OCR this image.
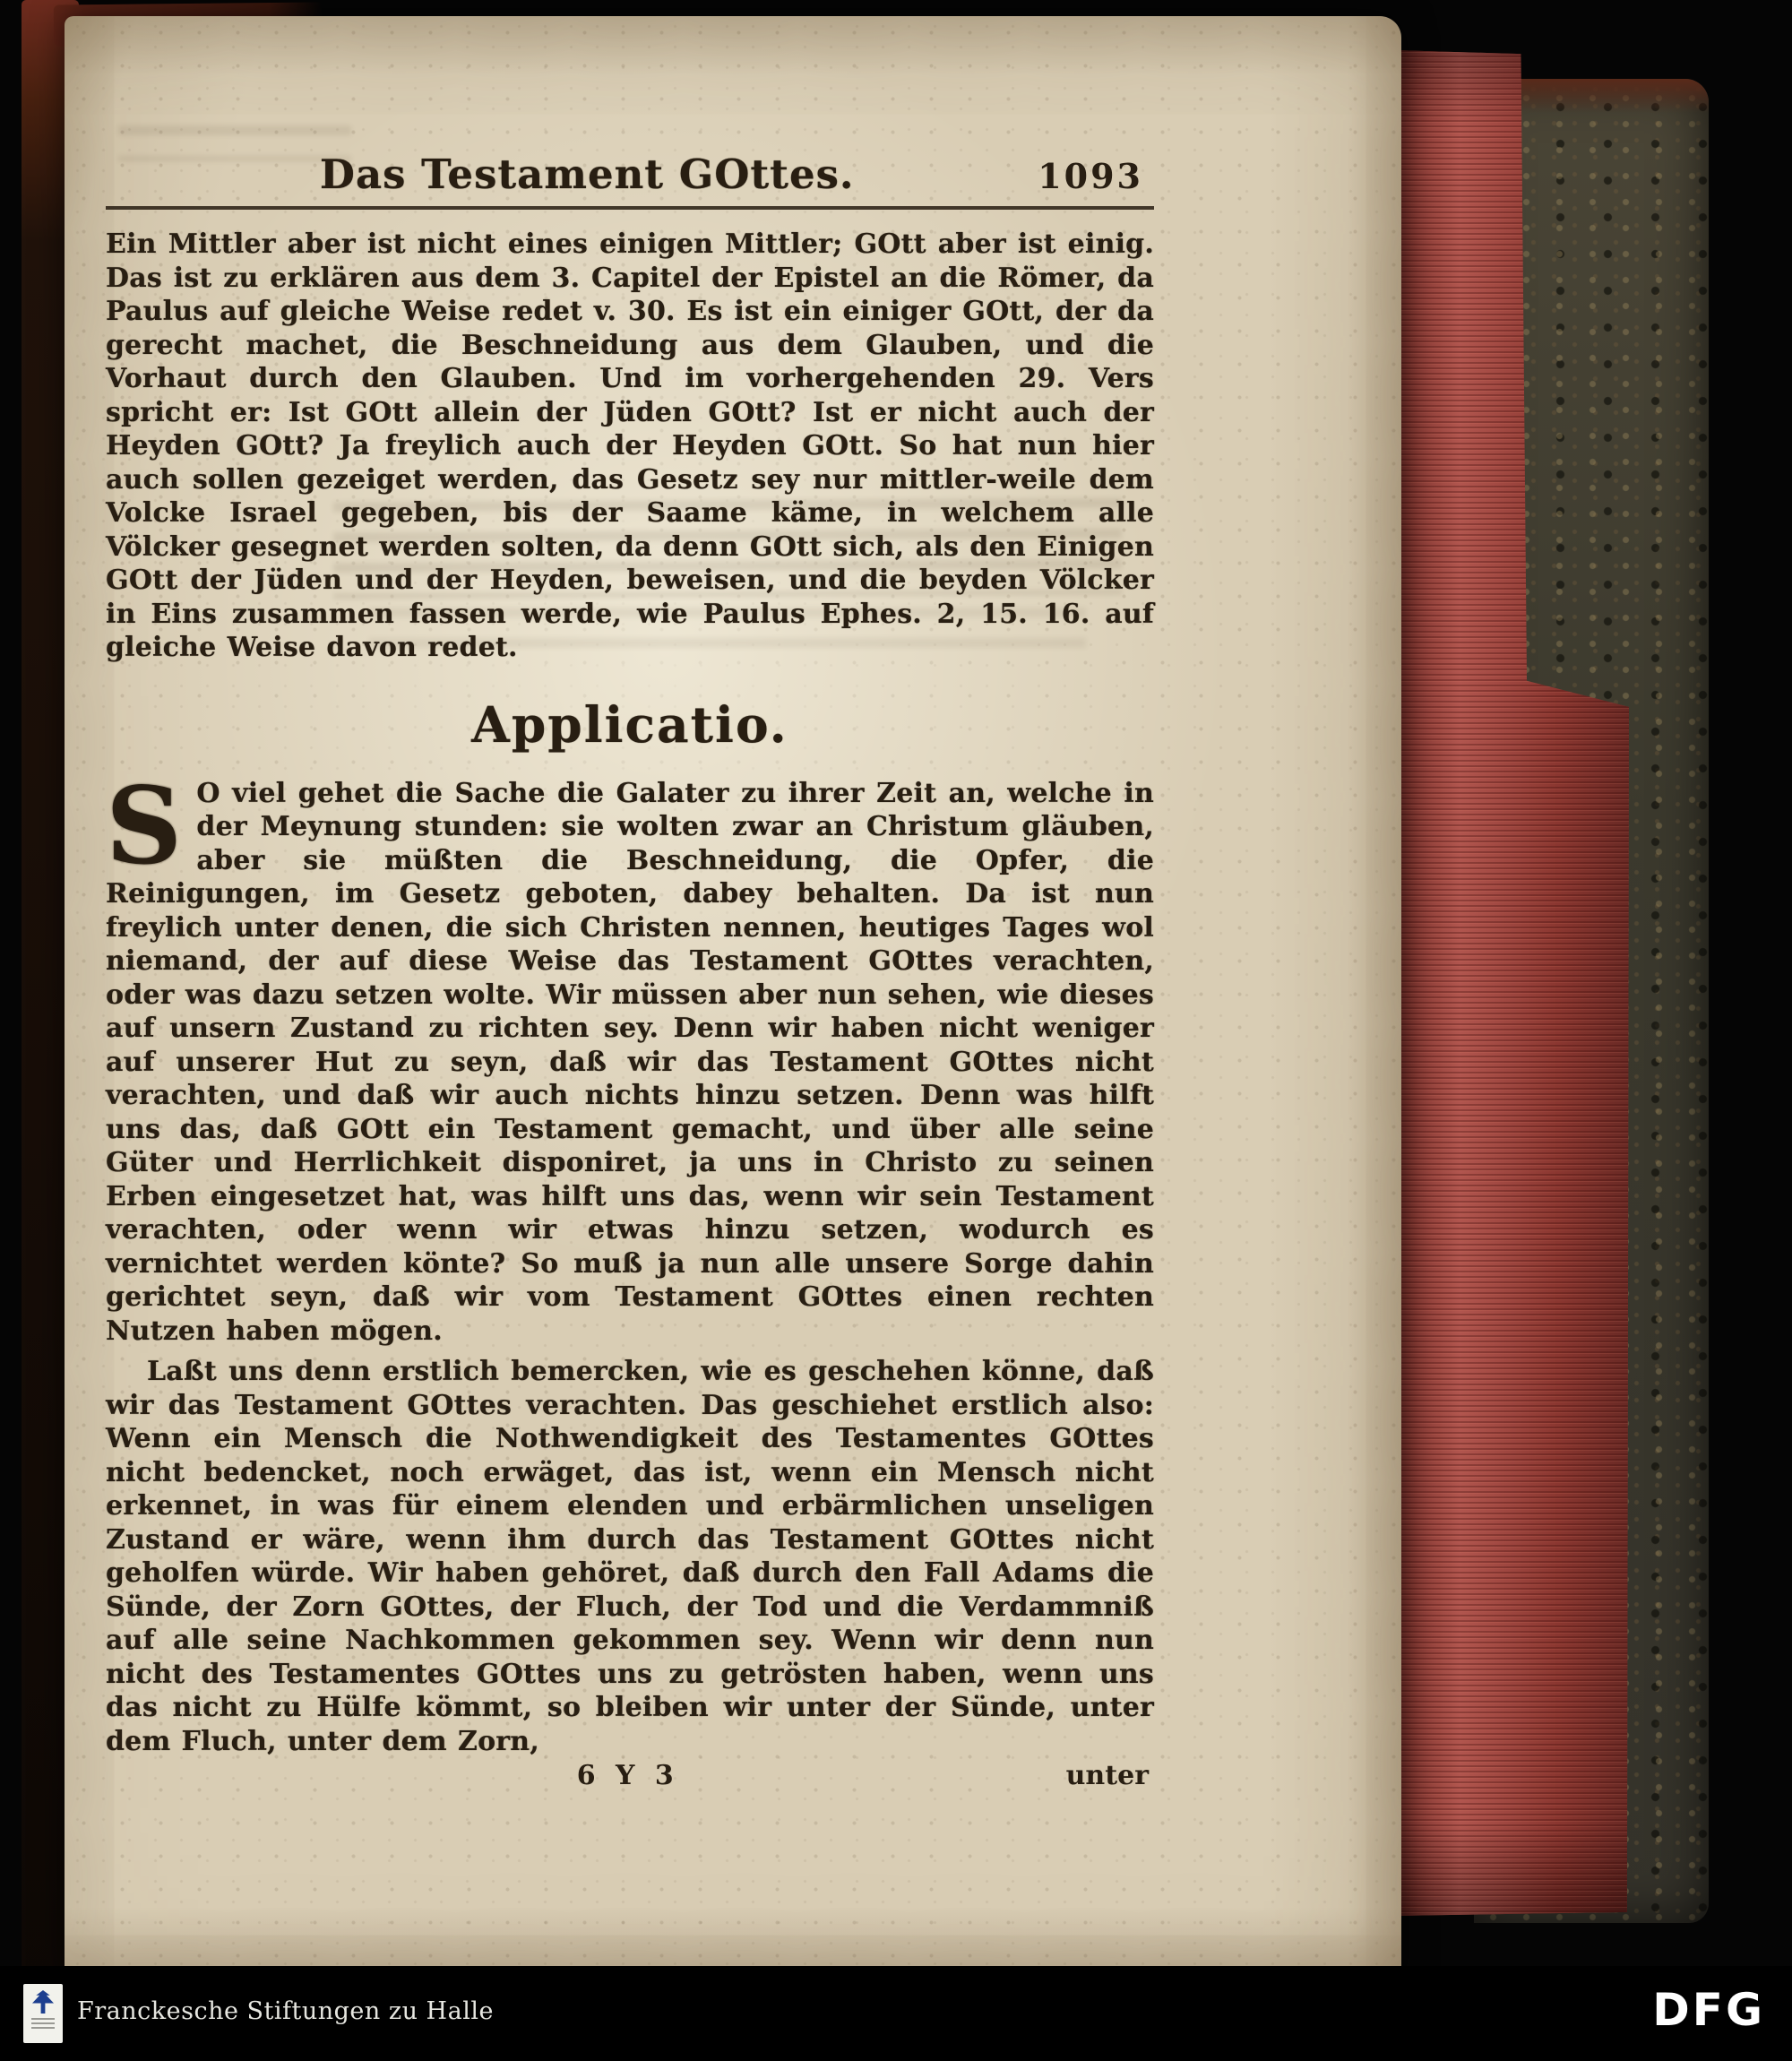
Das Testament GOttes.	1093

Ein Mittler aber ist nicht eines einigen Mittler; GOtt aber ist einig. Das ist zu erklären aus dem 3. Capitel der Epistel an die Römer, da Paulus auf gleiche Weise redet v. 30. Es ist ein einiger GOtt, der da gerecht machet, die Beschneidung aus dem Glauben, und die Vorhaut durch den Glauben. Und im vorhergehenden 29. Vers spricht er: Ist GOtt allein der Jüden GOtt? Ist er nicht auch der Heyden GOtt? Ja freylich auch der Heyden GOtt. So hat nun hier auch sollen gezeiget werden, das Gesetz sey nur mittler-weile dem Volcke Israel gegeben, bis der Saame käme, in welchem alle Völcker gesegnet werden solten, da denn GOtt sich, als den Einigen GOtt der Jüden und der Heyden, beweisen, und die beyden Völcker in Eins zusammen fassen werde, wie Paulus Ephes. 2, 15. 16. auf gleiche Weise davon redet.

Applicatio.

S O viel gehet die Sache die Galater zu ihrer Zeit an, welche in der Meynung stunden: sie wolten zwar an Christum gläuben, aber sie müßten die Beschneidung, die Opfer, die Reinigungen, im Gesetz geboten, dabey behalten. Da ist nun freylich unter denen, die sich Christen nennen, heutiges Tages wol niemand, der auf diese Weise das Testament GOttes verachten, oder was dazu setzen wolte. Wir müssen aber nun sehen, wie dieses auf unsern Zustand zu richten sey. Denn wir haben nicht weniger auf unserer Hut zu seyn, daß wir das Testament GOttes nicht verachten, und daß wir auch nichts hinzu setzen. Denn was hilft uns das, daß GOtt ein Testament gemacht, und über alle seine Güter und Herrlichkeit disponiret, ja uns in Christo zu seinen Erben eingesetzet hat, was hilft uns das, wenn wir sein Testament verachten, oder wenn wir etwas hinzu setzen, wodurch es vernichtet werden könte? So muß ja nun alle unsere Sorge dahin gerichtet seyn, daß wir vom Testament GOttes einen rechten Nutzen haben mögen.

Laßt uns denn erstlich bemercken, wie es geschehen könne, daß wir das Testament GOttes verachten. Das geschiehet erstlich also: Wenn ein Mensch die Nothwendigkeit des Testamentes GOttes nicht bedencket, noch erwäget, das ist, wenn ein Mensch nicht erkennet, in was für einem elenden und erbärmlichen unseligen Zustand er wäre, wenn ihm durch das Testament GOttes nicht geholfen würde. Wir haben gehöret, daß durch den Fall Adams die Sünde, der Zorn GOttes, der Fluch, der Tod und die Verdammniß auf alle seine Nachkommen gekommen sey. Wenn wir denn nun nicht des Testamentes GOttes uns zu getrösten haben, wenn uns das nicht zu Hülfe kömmt, so bleiben wir unter der Sünde, unter dem Fluch, unter dem Zorn,

6 Y 3	unter
Franckesche Stiftungen zu Halle	DFG
